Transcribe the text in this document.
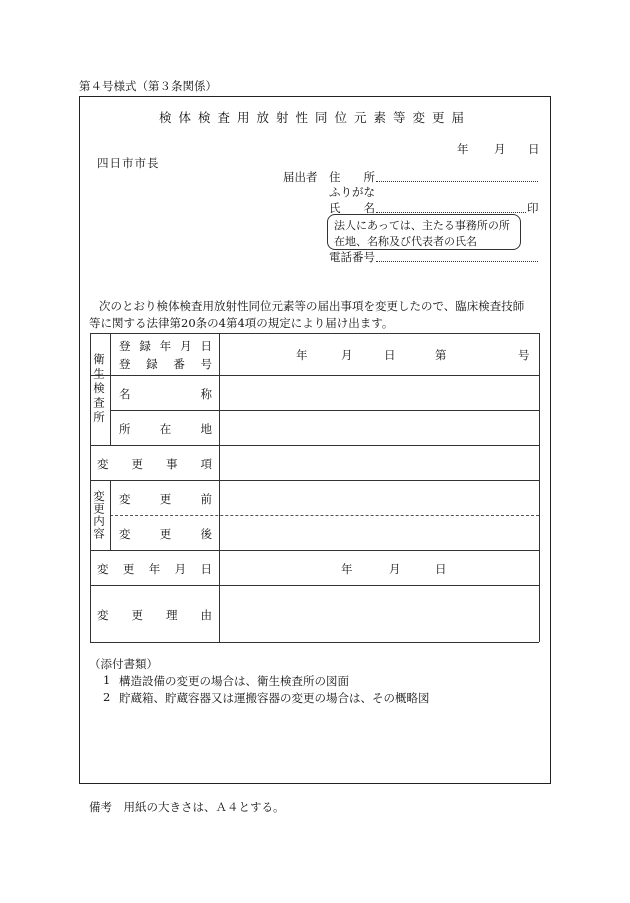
第４号様式（第３条関係）
検体検査用放射性同位元素等変更届
年 月 日
四日市市長
届出者 住　　所
ふりがな
氏　　名	印
法人にあっては、主たる事務所の所
在地、名称及び代表者の氏名
電話番号
次のとおり検体検査用放射性同位元素等の届出事項を変更したので、臨床検査技師
等に関する法律第20条の4第4項の規定により届け出ます。
衛生検査所
登録年月日
登録番号
年	月	日	第	号
名称
所在地
変更事項
変更内容 変更前
変更後
変更年月日	年	月	日
変更理由
（添付書類）
1 構造設備の変更の場合は、衛生検査所の図面
2 貯蔵箱、貯蔵容器又は運搬容器の変更の場合は、その概略図
備考　用紙の大きさは、Ａ４とする。
